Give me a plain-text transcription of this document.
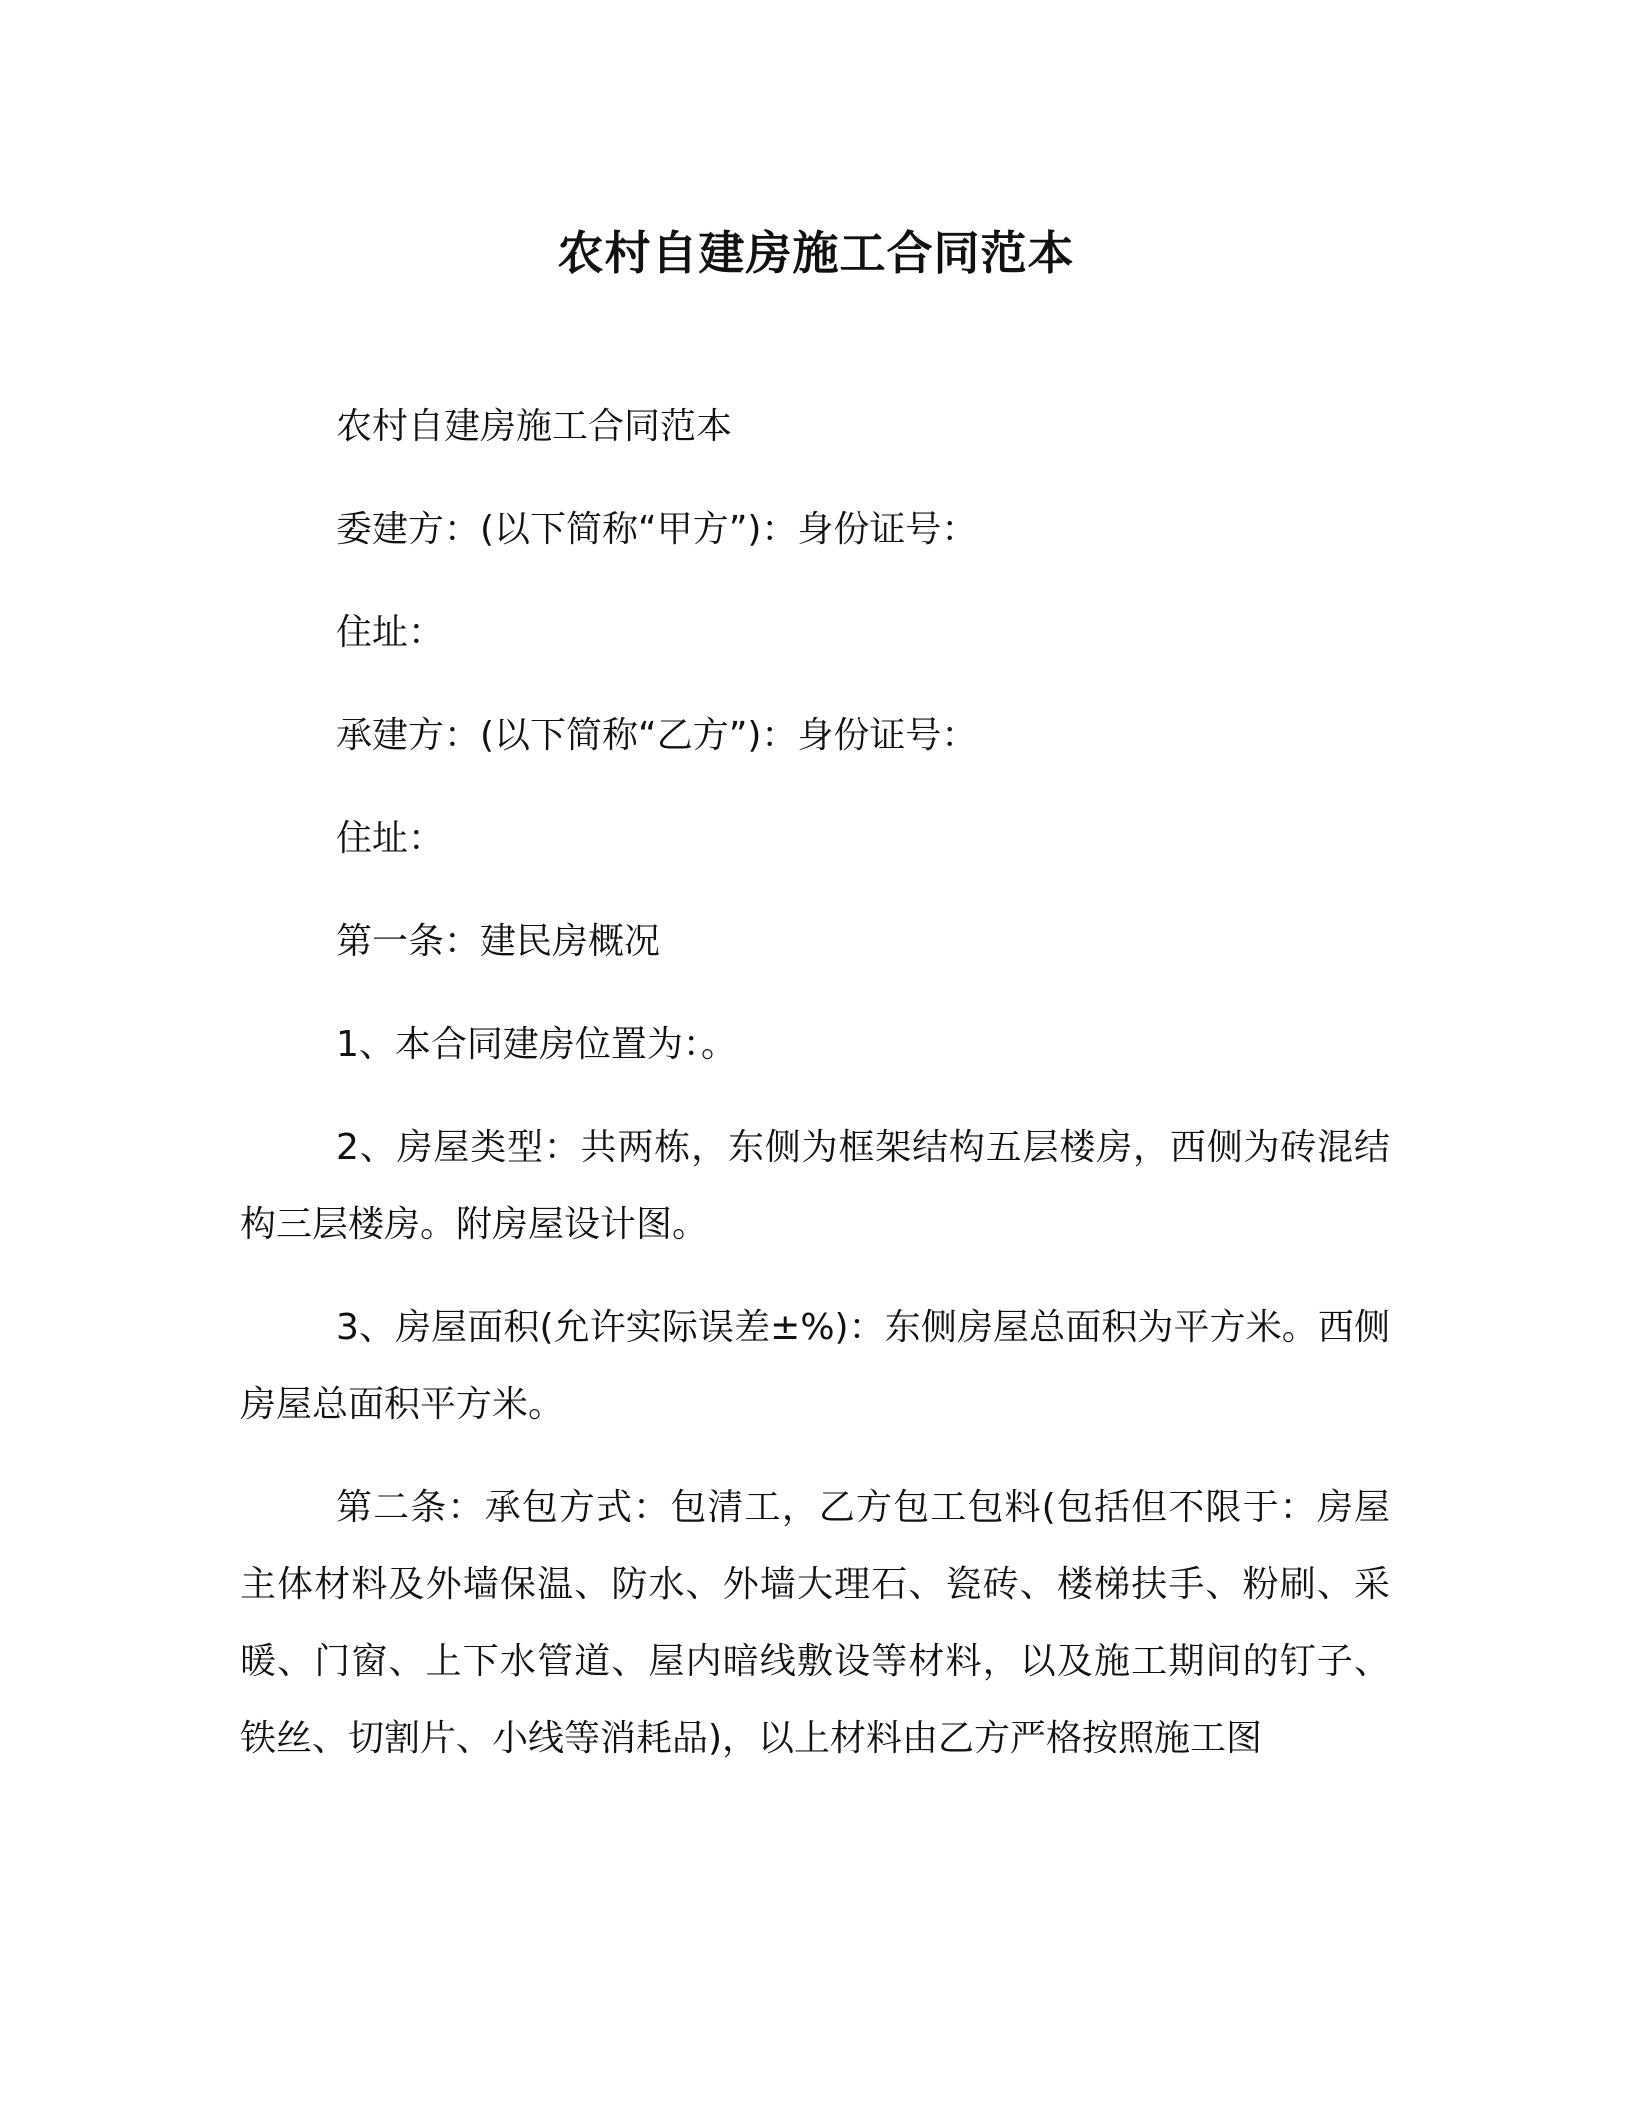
农村自建房施工合同范本

农村自建房施工合同范本

委建方：(以下简称“甲方”)：身份证号：

住址：

承建方：(以下简称“乙方”)：身份证号：

住址：

第一条：建民房概况

1、本合同建房位置为：。

2、房屋类型：共两栋，东侧为框架结构五层楼房，西侧为砖混结构三层楼房。附房屋设计图。

3、房屋面积(允许实际误差±%)：东侧房屋总面积为平方米。西侧房屋总面积平方米。

第二条：承包方式：包清工，乙方包工包料(包括但不限于：房屋主体材料及外墙保温、防水、外墙大理石、瓷砖、楼梯扶手、粉刷、采暖、门窗、上下水管道、屋内暗线敷设等材料，以及施工期间的钉子、铁丝、切割片、小线等消耗品)，以上材料由乙方严格按照施工图
